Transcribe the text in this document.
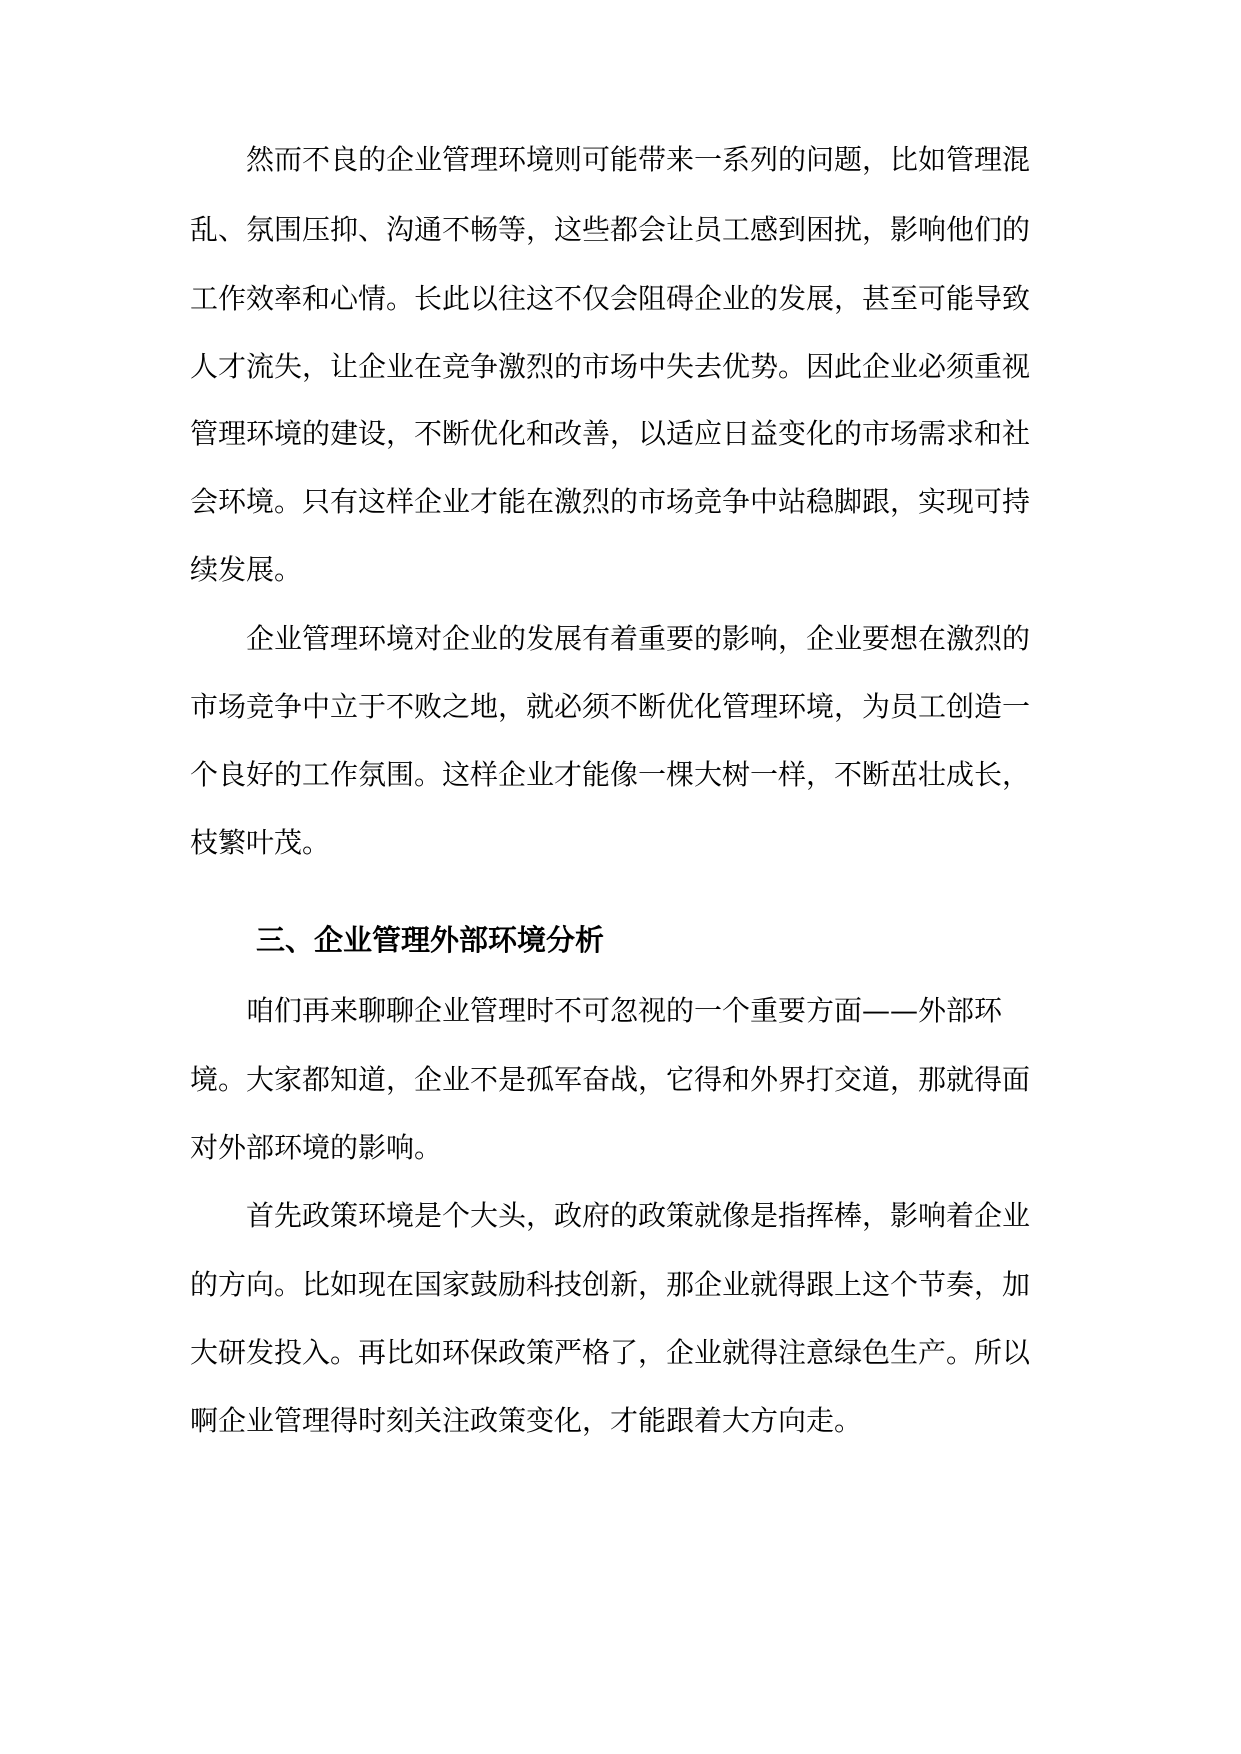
然而不良的企业管理环境则可能带来一系列的问题，比如管理混
乱、氛围压抑、沟通不畅等，这些都会让员工感到困扰，影响他们的
工作效率和心情。长此以往这不仅会阻碍企业的发展，甚至可能导致
人才流失，让企业在竞争激烈的市场中失去优势。因此企业必须重视
管理环境的建设，不断优化和改善，以适应日益变化的市场需求和社
会环境。只有这样企业才能在激烈的市场竞争中站稳脚跟，实现可持
续发展。
企业管理环境对企业的发展有着重要的影响，企业要想在激烈的
市场竞争中立于不败之地，就必须不断优化管理环境，为员工创造一
个良好的工作氛围。这样企业才能像一棵大树一样，不断茁壮成长，
枝繁叶茂。
三、企业管理外部环境分析
咱们再来聊聊企业管理时不可忽视的一个重要方面——外部环
境。大家都知道，企业不是孤军奋战，它得和外界打交道，那就得面
对外部环境的影响。
首先政策环境是个大头，政府的政策就像是指挥棒，影响着企业
的方向。比如现在国家鼓励科技创新，那企业就得跟上这个节奏，加
大研发投入。再比如环保政策严格了，企业就得注意绿色生产。所以
啊企业管理得时刻关注政策变化，才能跟着大方向走。
